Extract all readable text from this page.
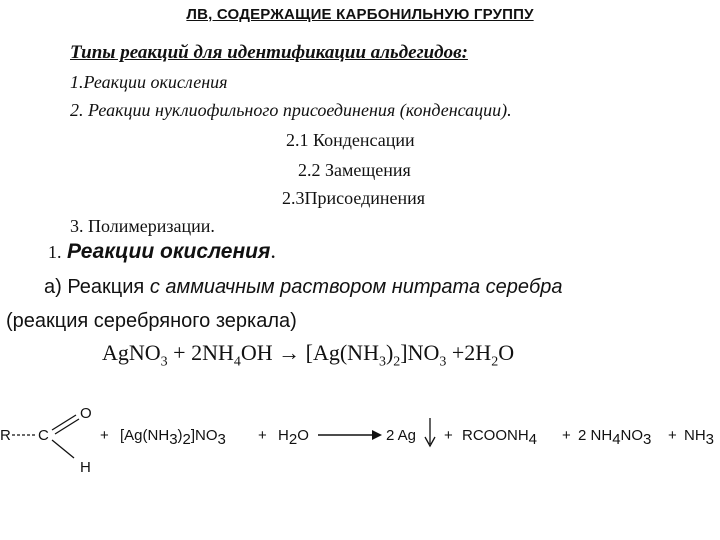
ЛВ, СОДЕРЖАЩИЕ КАРБОНИЛЬНУЮ ГРУППУ
Типы реакций для идентификации альдегидов:
1.Реакции окисления
2. Реакции нуклиофильного присоединения (конденсации).
2.1 Конденсации
2.2 Замещения
2.3Присоединения
3. Полимеризации.
1. Реакции окисления.
а) Реакция с аммиачным раствором нитрата серебра
(реакция серебряного зеркала)
AgNO$_3$ + $2NH_4OH \to [Ag(NH_3)_2]NO_3 +2H_2O$
R C
O
H
+ [Ag(NH3)2]NO3 + H2O	2 Ag + RCOONH4 + 2 NH4NO3 + NH3
